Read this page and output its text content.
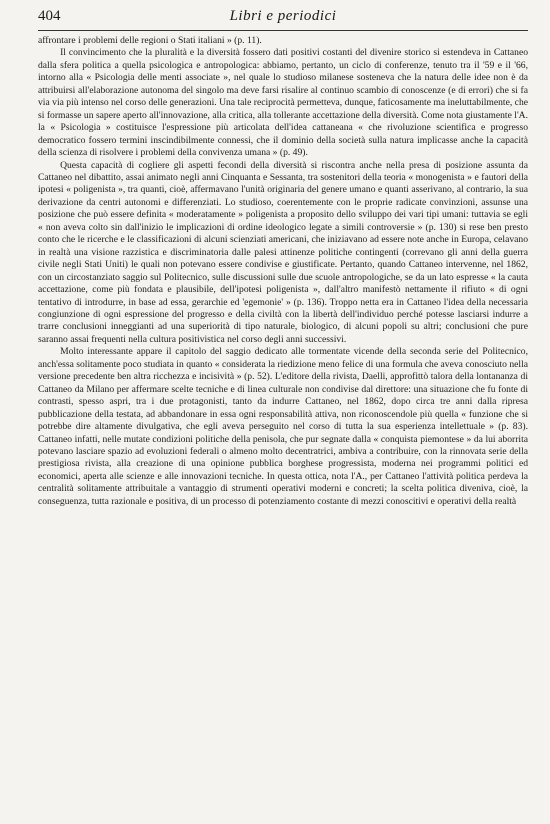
404	Libri e periodici

affrontare i problemi delle regioni o Stati italiani » (p. 11).

Il convincimento che la pluralità e la diversità fossero dati positivi costanti del divenire storico si estendeva in Cattaneo dalla sfera politica a quella psicologica e antropologica: abbiamo, pertanto, un ciclo di conferenze, tenuto tra il '59 e il '66, intorno alla « Psicologia delle menti associate », nel quale lo studioso milanese sosteneva che la natura delle idee non è da attribuirsi all'elaborazione autonoma del singolo ma deve farsi risalire al continuo scambio di conoscenze (e di errori) che si fa via via più intenso nel corso delle generazioni. Una tale reciprocità permetteva, dunque, faticosamente ma ineluttabilmente, che si formasse un sapere aperto all'innovazione, alla critica, alla tollerante accettazione della diversità. Come nota giustamente l'A. la « Psicologia » costituisce l'espressione più articolata dell'idea cattaneana « che rivoluzione scientifica e progresso democratico fossero termini inscindibilmente connessi, che il dominio della società sulla natura implicasse anche la capacità della scienza di risolvere i problemi della convivenza umana » (p. 49).

Questa capacità di cogliere gli aspetti fecondi della diversità si riscontra anche nella presa di posizione assunta da Cattaneo nel dibattito, assai animato negli anni Cinquanta e Sessanta, tra sostenitori della teoria « monogenista » e fautori della ipotesi « poligenista », tra quanti, cioè, affermavano l'unità originaria del genere umano e quanti asserivano, al contrario, la sua derivazione da centri autonomi e differenziati. Lo studioso, coerentemente con le proprie radicate convinzioni, assunse una posizione che può essere definita « moderatamente » poligenista a proposito dello sviluppo dei vari tipi umani: tuttavia se egli « non aveva colto sin dall'inizio le implicazioni di ordine ideologico legate a simili controversie » (p. 130) si rese ben presto conto che le ricerche e le classificazioni di alcuni scienziati americani, che iniziavano ad essere note anche in Europa, celavano in realtà una visione razzistica e discriminatoria dalle palesi attinenze politiche contingenti (correvano gli anni della guerra civile negli Stati Uniti) le quali non potevano essere condivise e giustificate. Pertanto, quando Cattaneo intervenne, nel 1862, con un circostanziato saggio sul Politecnico, sulle discussioni sulle due scuole antropologiche, se da un lato espresse « la cauta accettazione, come più fondata e plausibile, dell'ipotesi poligenista », dall'altro manifestò nettamente il rifiuto « di ogni tentativo di introdurre, in base ad essa, gerarchie ed 'egemonie' » (p. 136). Troppo netta era in Cattaneo l'idea della necessaria congiunzione di ogni espressione del progresso e della civiltà con la libertà dell'individuo perché potesse lasciarsi indurre a trarre conclusioni inneggianti ad una superiorità di tipo naturale, biologico, di alcuni popoli su altri; conclusioni che pure saranno assai frequenti nella cultura positivistica nel corso degli anni successivi.

Molto interessante appare il capitolo del saggio dedicato alle tormentate vicende della seconda serie del Politecnico, anch'essa solitamente poco studiata in quanto « considerata la riedizione meno felice di una formula che aveva conosciuto nella versione precedente ben altra ricchezza e incisività » (p. 52). L'editore della rivista, Daelli, approfittò talora della lontananza di Cattaneo da Milano per affermare scelte tecniche e di linea culturale non condivise dal direttore: una situazione che fu fonte di contrasti, spesso aspri, tra i due protagonisti, tanto da indurre Cattaneo, nel 1862, dopo circa tre anni dalla ripresa pubblicazione della testata, ad abbandonare in essa ogni responsabilità attiva, non riconoscendole più quella « funzione che si potrebbe dire altamente divulgativa, che egli aveva perseguito nel corso di tutta la sua esperienza intellettuale » (p. 83). Cattaneo infatti, nelle mutate condizioni politiche della penisola, che pur segnate dalla « conquista piemontese » da lui aborrita potevano lasciare spazio ad evoluzioni federali o almeno molto decentratrici, ambiva a contribuire, con la rinnovata serie della prestigiosa rivista, alla creazione di una opinione pubblica borghese progressista, moderna nei programmi politici ed economici, aperta alle scienze e alle innovazioni tecniche. In questa ottica, nota l'A., per Cattaneo l'attività politica perdeva la centralità solitamente attribuitale a vantaggio di strumenti operativi moderni e concreti; la scelta politica diveniva, cioè, la conseguenza, tutta razionale e positiva, di un processo di potenziamento costante di mezzi conoscitivi e operativi della realtà
